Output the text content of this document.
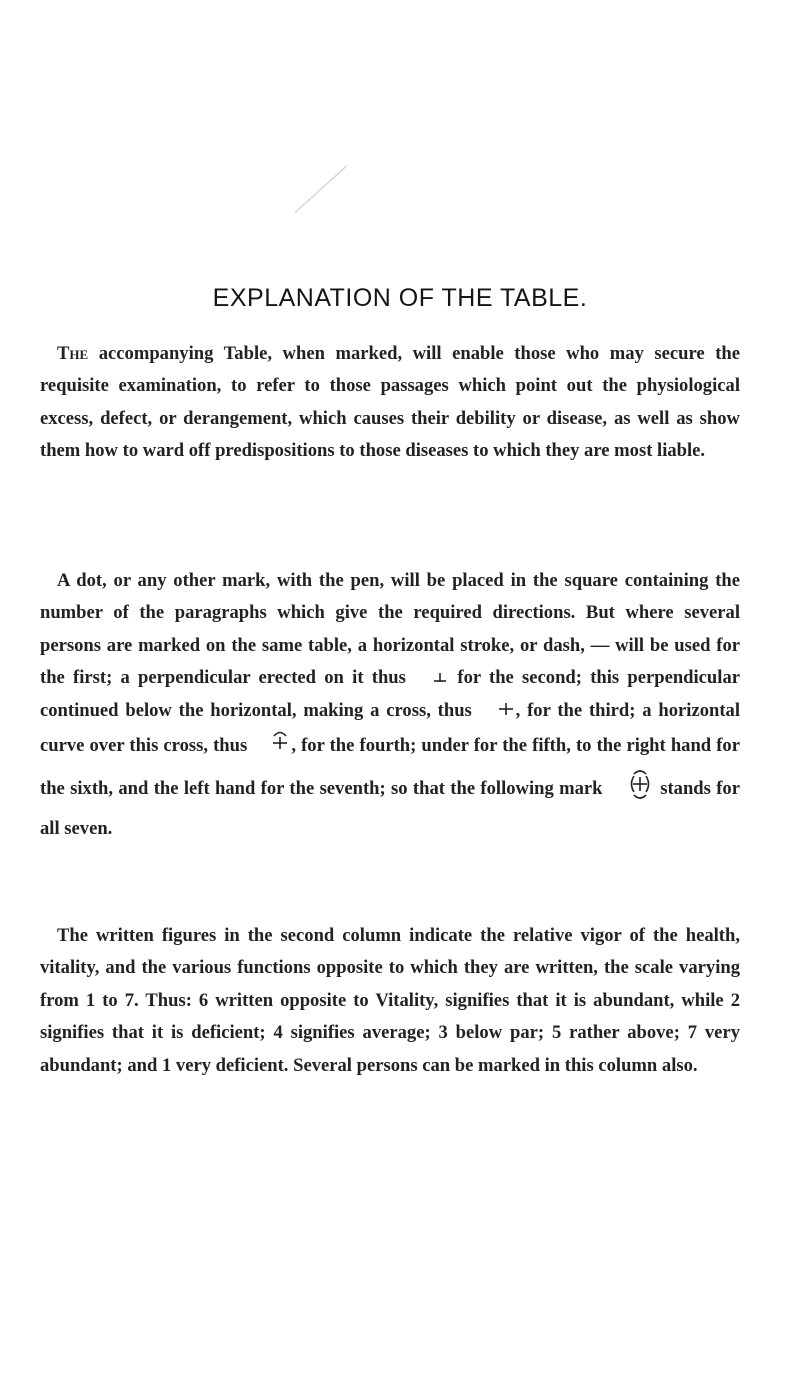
EXPLANATION OF THE TABLE.

The accompanying Table, when marked, will enable those who may secure the requisite examination, to refer to those passages which point out the physiological excess, defect, or derangement, which causes their debility or disease, as well as show them how to ward off predispositions to those diseases to which they are most liable.

A dot, or any other mark, with the pen, will be placed in the square containing the number of the paragraphs which give the required directions. But where several persons are marked on the same table, a horizontal stroke, or dash, — will be used for the first; a perpendicular erected on it thus	for the second; this perpendicular continued below the horizontal, making a cross, thus , for the third; a horizontal curve over this cross, thus , for the fourth; under for the fifth, to the right hand for the sixth, and the left hand for the seventh; so that the following mark	stands for all seven.

The written figures in the second column indicate the relative vigor of the health, vitality, and the various functions opposite to which they are written, the scale varying from 1 to 7. Thus: 6 written opposite to Vitality, signifies that it is abundant, while 2 signifies that it is deficient; 4 signifies average; 3 below par; 5 rather above; 7 very abundant; and 1 very deficient. Several persons can be marked in this column also.
